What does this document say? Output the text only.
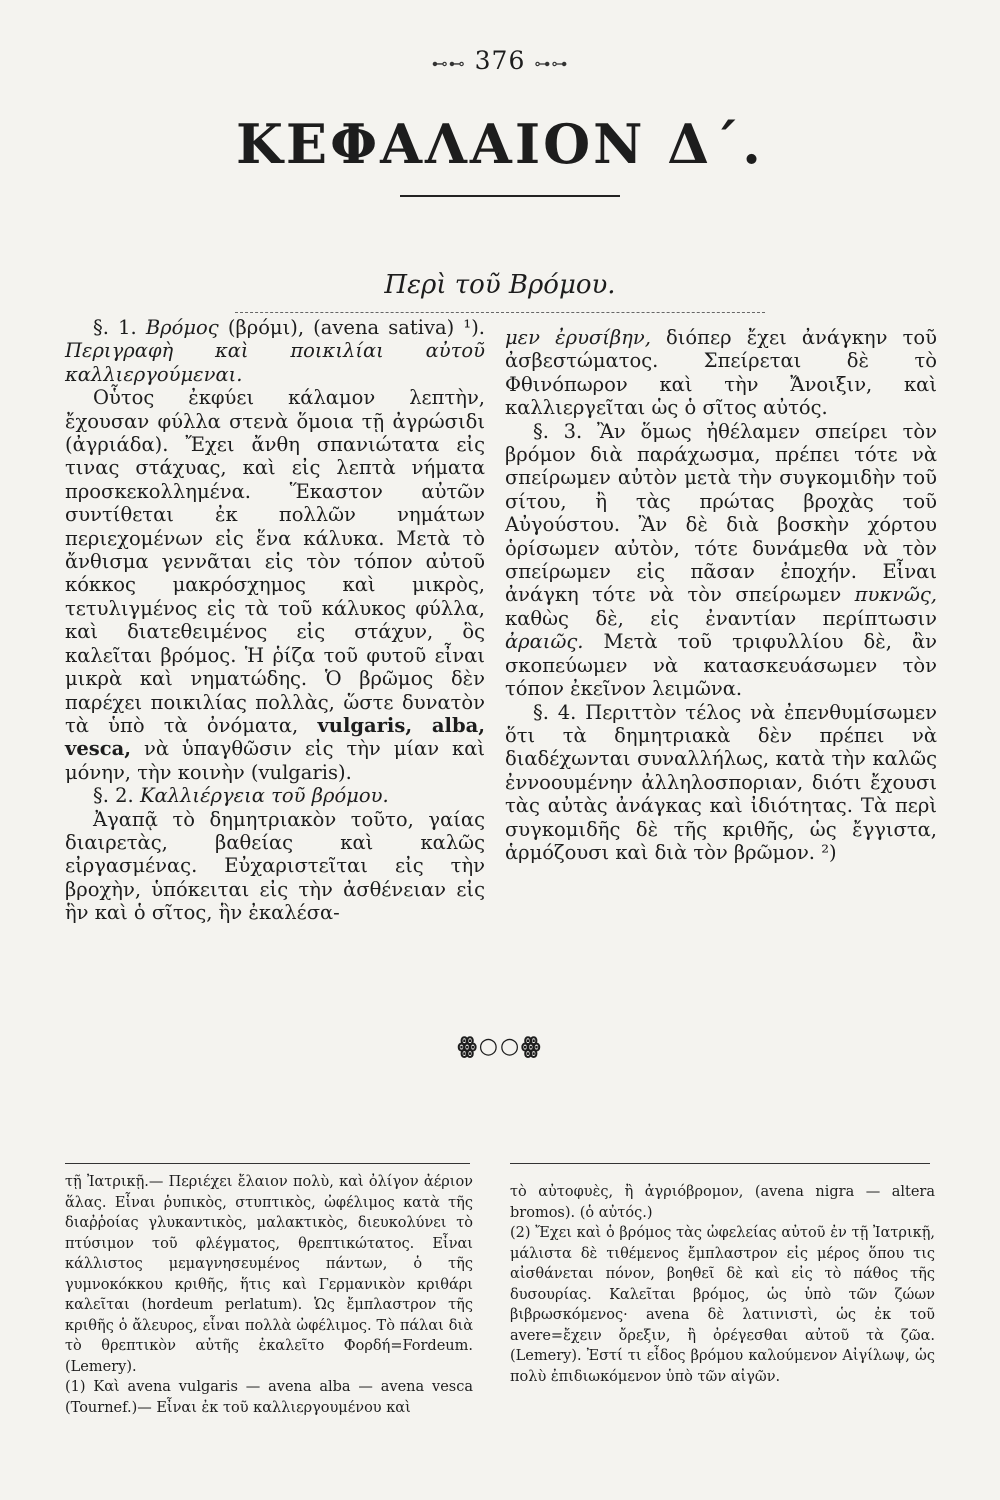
⊷⊷ 376 ⊶⊶
ΚΕΦΑΛΑΙΟΝ Δ΄.
Περὶ τοῦ Βρόμου.

§. 1. Βρόμος (βρόμι), (avena sativa) ¹). Περιγραφὴ καὶ ποικιλίαι αὐτοῦ καλλιεργούμεναι.

Οὗτος ἐκφύει κάλαμον λεπτὴν, ἔχουσαν φύλλα στενὰ ὅμοια τῇ ἀγρώσιδι (ἀγριάδα). Ἔχει ἄνθη σπανιώτατα εἰς τινας στάχυας, καὶ εἰς λεπτὰ νήματα προσκεκολλημένα. Ἕκαστον αὐτῶν συντίθεται ἐκ πολλῶν νημάτων περιεχομένων εἰς ἕνα κάλυκα. Μετὰ τὸ ἄνθισμα γεννᾶται εἰς τὸν τόπον αὐτοῦ κόκκος μακρόσχημος καὶ μικρὸς, τετυλιγμένος εἰς τὰ τοῦ κάλυκος φύλλα, καὶ διατεθειμένος εἰς στάχυν, ὃς καλεῖται βρόμος. Ἡ ῥίζα τοῦ φυτοῦ εἶναι μικρὰ καὶ νηματώδης. Ὁ βρῶμος δὲν παρέχει ποικιλίας πολλὰς, ὥστε δυνατὸν τὰ ὑπὸ τὰ ὀνόματα, vulgaris, alba, vesca, νὰ ὑπαγθῶσιν εἰς τὴν μίαν καὶ μόνην, τὴν κοινὴν (vulgaris).

§. 2. Καλλιέργεια τοῦ βρόμου.

Ἀγαπᾷ τὸ δημητριακὸν τοῦτο, γαίας διαιρετὰς, βαθείας καὶ καλῶς εἰργασμένας. Εὐχαριστεῖται εἰς τὴν βροχὴν, ὑπόκειται εἰς τὴν ἀσθένειαν εἰς ἣν καὶ ὁ σῖτος, ἣν ἐκαλέσα-

μεν ἐρυσίβην, διόπερ ἔχει ἀνάγκην τοῦ ἀσβεστώματος. Σπείρεται δὲ τὸ Φθινόπωρον καὶ τὴν Ἄνοιξιν, καὶ καλλιεργεῖται ὡς ὁ σῖτος αὐτός.

§. 3. Ἂν ὅμως ἠθέλαμεν σπείρει τὸν βρόμον διὰ παράχωσμα, πρέπει τότε νὰ σπείρωμεν αὐτὸν μετὰ τὴν συγκομιδὴν τοῦ σίτου, ἢ τὰς πρώτας βροχὰς τοῦ Αὐγούστου. Ἂν δὲ διὰ βοσκὴν χόρτου ὁρίσωμεν αὐτὸν, τότε δυνάμεθα νὰ τὸν σπείρωμεν εἰς πᾶσαν ἐποχήν. Εἶναι ἀνάγκη τότε νὰ τὸν σπείρωμεν πυκνῶς, καθὼς δὲ, εἰς ἐναντίαν περίπτωσιν ἀραιῶς. Μετὰ τοῦ τριφυλλίου δὲ, ἂν σκοπεύωμεν νὰ κατασκευάσωμεν τὸν τόπον ἐκεῖνον λειμῶνα.

§. 4. Περιττὸν τέλος νὰ ἐπενθυμίσωμεν ὅτι τὰ δημητριακὰ δὲν πρέπει νὰ διαδέχωνται συναλλήλως, κατὰ τὴν καλῶς ἐννοουμένην ἀλληλοσποριαν, διότι ἔχουσι τὰς αὐτὰς ἀνάγκας καὶ ἰδιότητας. Τὰ περὶ συγκομιδῆς δὲ τῆς κριθῆς, ὡς ἔγγιστα, ἁρμόζουσι καὶ διὰ τὸν βρῶμον. ²)

ꙮ○○ꙮ

τῇ Ἰατρικῇ.— Περιέχει ἔλαιον πολὺ, καὶ ὀλίγον ἀέριον ἅλας. Εἶναι ῥυπικὸς, στυπτικὸς, ὠφέλιμος κατὰ τῆς διαῤῥοίας γλυκαντικὸς, μαλακτικὸς, διευκολύνει τὸ πτύσιμον τοῦ φλέγματος, θρεπτικώτατος. Εἶναι κάλλιστος μεμαγνησευμένος πάντων, ὁ τῆς γυμνοκόκκου κριθῆς, ἥτις καὶ Γερμανικὸν κριθάρι καλεῖται (hordeum perlatum). Ὡς ἔμπλαστρον τῆς κριθῆς ὁ ἄλευρος, εἶναι πολλὰ ὠφέλιμος. Τὸ πάλαι διὰ τὸ θρεπτικὸν αὐτῆς ἐκαλεῖτο Φορδή=Fordeum. (Lemery).

(1) Καὶ avena vulgaris — avena alba — avena vesca (Tournef.)— Εἶναι ἐκ τοῦ καλλιεργουμένου καὶ

τὸ αὐτοφυὲς, ἢ ἀγριόβρομον, (avena nigra — altera bromos). (ὁ αὐτός.)

(2) Ἔχει καὶ ὁ βρόμος τὰς ὠφελείας αὐτοῦ ἐν τῇ Ἰατρικῇ, μάλιστα δὲ τιθέμενος ἔμπλαστρον εἰς μέρος ὅπου τις αἰσθάνεται πόνον, βοηθεῖ δὲ καὶ εἰς τὸ πάθος τῆς δυσουρίας. Καλεῖται βρόμος, ὡς ὑπὸ τῶν ζώων βιβρωσκόμενος· avena δὲ λατινιστὶ, ὡς ἐκ τοῦ avere=ἔχειν ὄρεξιν, ἢ ὀρέγεσθαι αὐτοῦ τὰ ζῶα. (Lemery). Ἐστί τι εἶδος βρόμου καλούμενον Αἰγίλωψ, ὡς πολὺ ἐπιδιωκόμενον ὑπὸ τῶν αἰγῶν.
